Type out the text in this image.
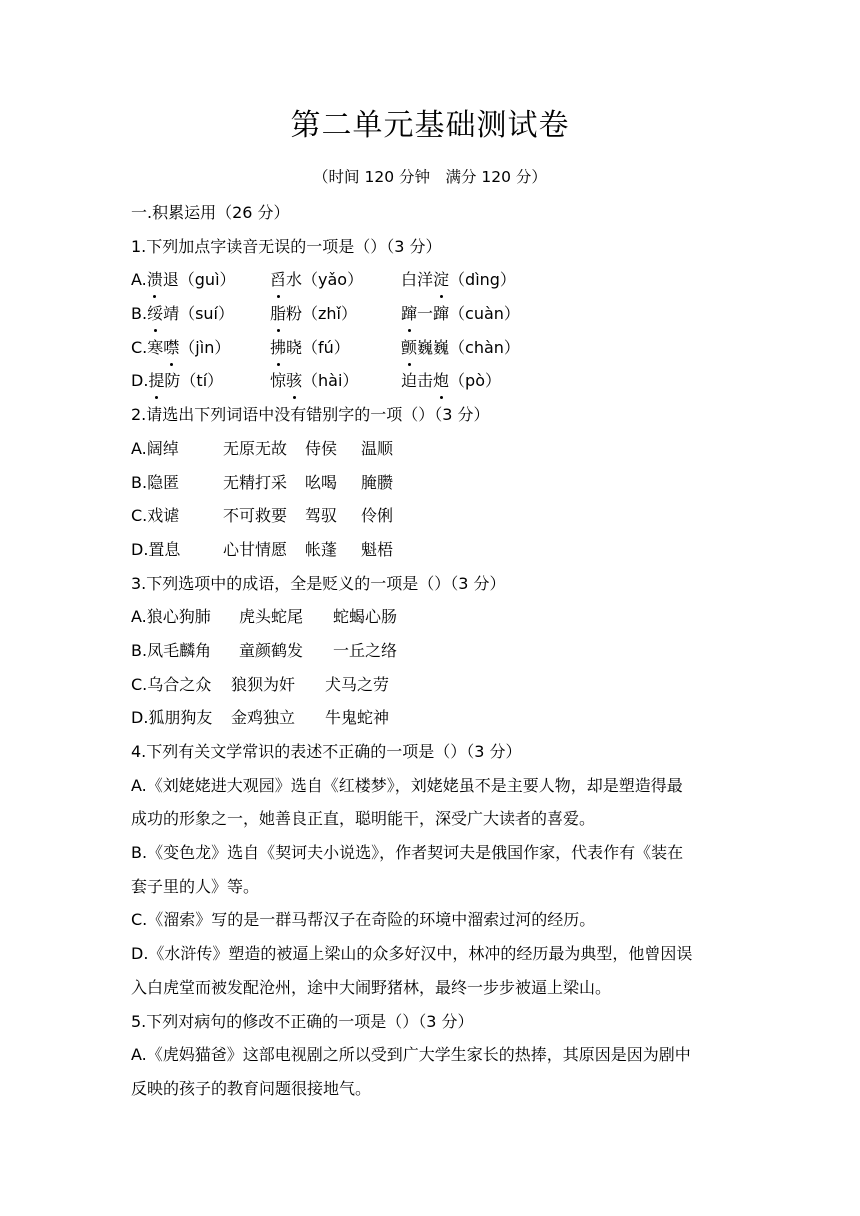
第二单元基础测试卷
（时间 120 分钟　满分 120 分）
一.积累运用（26 分）
1.下列加点字读音无误的一项是（）（3 分）
A.溃退（guì） 舀水（yǎo） 白洋淀（dìng）
B.绥靖（suí） 脂粉（zhǐ）	蹿一蹿（cuàn）
C.寒噤（jìn） 拂晓（fú）	颤巍巍（chàn）
D.提防（tí）	惊骇（hài）	迫击炮（pò）
2.请选出下列词语中没有错别字的一项（）（3 分）
A.阔绰	无原无故 侍侯 温顺
B.隐匿	无精打采 吆喝 腌臜
C.戏谑	不可救要 驾驭 伶俐
D.置息	心甘情愿 帐蓬 魁梧
3.下列选项中的成语，全是贬义的一项是（）（3 分）
A.狼心狗肺 虎头蛇尾 蛇蝎心肠
B.凤毛麟角 童颜鹤发 一丘之络
C.乌合之众 狼狈为奸 犬马之劳
D.狐朋狗友 金鸡独立 牛鬼蛇神
4.下列有关文学常识的表述不正确的一项是（）（3 分）
A.《刘姥姥进大观园》选自《红楼梦》，刘姥姥虽不是主要人物，却是塑造得最
成功的形象之一，她善良正直，聪明能干，深受广大读者的喜爱。
B.《变色龙》选自《契诃夫小说选》，作者契诃夫是俄国作家，代表作有《装在
套子里的人》等。
C.《溜索》写的是一群马帮汉子在奇险的环境中溜索过河的经历。
D.《水浒传》塑造的被逼上梁山的众多好汉中，林冲的经历最为典型，他曾因误
入白虎堂而被发配沧州，途中大闹野猪林，最终一步步被逼上梁山。
5.下列对病句的修改不正确的一项是（）（3 分）
A.《虎妈猫爸》这部电视剧之所以受到广大学生家长的热捧，其原因是因为剧中
反映的孩子的教育问题很接地气。
